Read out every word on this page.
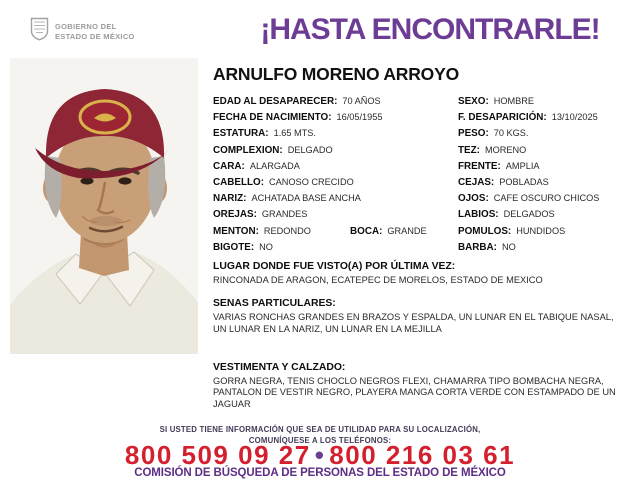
GOBIERNO DEL
ESTADO DE MÉXICO	¡HASTA ENCONTRARLE!
ARNULFO MORENO ARROYO
EDAD AL DESAPARECER: 70 AÑOS	SEXO: HOMBRE
FECHA DE NACIMIENTO: 16/05/1955	F. DESAPARICIÓN: 13/10/2025
ESTATURA: 1.65 MTS.	PESO: 70 KGS.
COMPLEXION: DELGADO	TEZ: MORENO
CARA: ALARGADA	FRENTE: AMPLIA
CABELLO: CANOSO CRECIDO	CEJAS: POBLADAS
NARIZ: ACHATADA BASE ANCHA	OJOS: CAFE OSCURO CHICOS
OREJAS: GRANDES	LABIOS: DELGADOS
MENTON: REDONDO	BOCA: GRANDE	POMULOS: HUNDIDOS
BIGOTE: NO	BARBA: NO
LUGAR DONDE FUE VISTO(A) POR ÚLTIMA VEZ:
RINCONADA DE ARAGON, ECATEPEC DE MORELOS, ESTADO DE MEXICO
SENAS PARTICULARES:
VARIAS RONCHAS GRANDES EN BRAZOS Y ESPALDA, UN LUNAR EN EL TABIQUE NASAL, UN LUNAR EN LA NARIZ, UN LUNAR EN LA MEJILLA
VESTIMENTA Y CALZADO:
GORRA NEGRA, TENIS CHOCLO NEGROS FLEXI, CHAMARRA TIPO BOMBACHA NEGRA, PANTALON DE VESTIR NEGRO, PLAYERA MANGA CORTA VERDE CON ESTAMPADO DE UN JAGUAR
SI USTED TIENE INFORMACIÓN QUE SEA DE UTILIDAD PARA SU LOCALIZACIÓN,
COMUNÍQUESE A LOS TELÉFONOS:
800 509 09 27 • 800 216 03 61
COMISIÓN DE BÚSQUEDA DE PERSONAS DEL ESTADO DE MÉXICO
